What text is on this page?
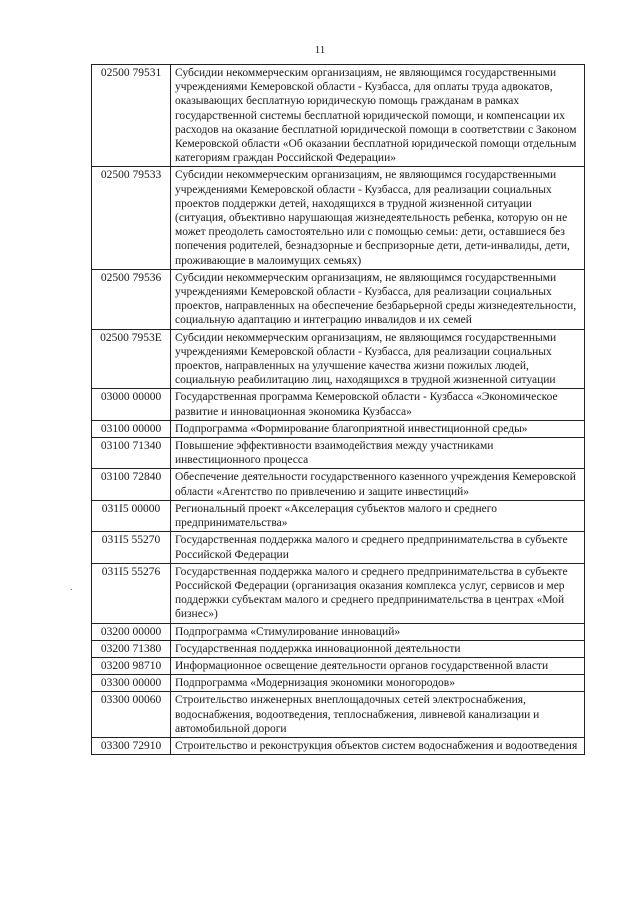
11
.
02500 79531	Субсидии некоммерческим организациям, не являющимся государственными учреждениями Кемеровской области - Кузбасса, для оплаты труда адвокатов, оказывающих бесплатную юридическую помощь гражданам в рамках государственной системы бесплатной юридической помощи, и компенсации их расходов на оказание бесплатной юридической помощи в соответствии с Законом Кемеровской области «Об оказании бесплатной юридической помощи отдельным категориям граждан Российской Федерации»
02500 79533	Субсидии некоммерческим организациям, не являющимся государственными учреждениями Кемеровской области - Кузбасса, для реализации социальных проектов поддержки детей, находящихся в трудной жизненной ситуации (ситуация, объективно нарушающая жизнедеятельность ребенка, которую он не может преодолеть самостоятельно или с помощью семьи: дети, оставшиеся без попечения родителей, безнадзорные и беспризорные дети, дети-инвалиды, дети, проживающие в малоимущих семьях)
02500 79536	Субсидии некоммерческим организациям, не являющимся государственными учреждениями Кемеровской области - Кузбасса, для реализации социальных проектов, направленных на обеспечение безбарьерной среды жизнедеятельности, социальную адаптацию и интеграцию инвалидов и их семей
02500 7953E	Субсидии некоммерческим организациям, не являющимся государственными учреждениями Кемеровской области - Кузбасса, для реализации социальных проектов, направленных на улучшение качества жизни пожилых людей, социальную реабилитацию лиц, находящихся в трудной жизненной ситуации
03000 00000	Государственная программа Кемеровской области - Кузбасса «Экономическое развитие и инновационная экономика Кузбасса»
03100 00000	Подпрограмма «Формирование благоприятной инвестиционной среды»
03100 71340	Повышение эффективности взаимодействия между участниками инвестиционного процесса
03100 72840	Обеспечение деятельности государственного казенного учреждения Кемеровской области «Агентство по привлечению и защите инвестиций»
031I5 00000	Региональный проект «Акселерация субъектов малого и среднего предпринимательства»
031I5 55270	Государственная поддержка малого и среднего предпринимательства в субъекте Российской Федерации
031I5 55276	Государственная поддержка малого и среднего предпринимательства в субъекте Российской Федерации (организация оказания комплекса услуг, сервисов и мер поддержки субъектам малого и среднего предпринимательства в центрах «Мой бизнес»)
03200 00000	Подпрограмма «Стимулирование инноваций»
03200 71380	Государственная поддержка инновационной деятельности
03200 98710	Информационное освещение деятельности органов государственной власти
03300 00000	Подпрограмма «Модернизация экономики моногородов»
03300 00060	Строительство инженерных внеплощадочных сетей электроснабжения, водоснабжения, водоотведения, теплоснабжения, ливневой канализации и автомобильной дороги
03300 72910	Строительство и реконструкция объектов систем водоснабжения и водоотведения
